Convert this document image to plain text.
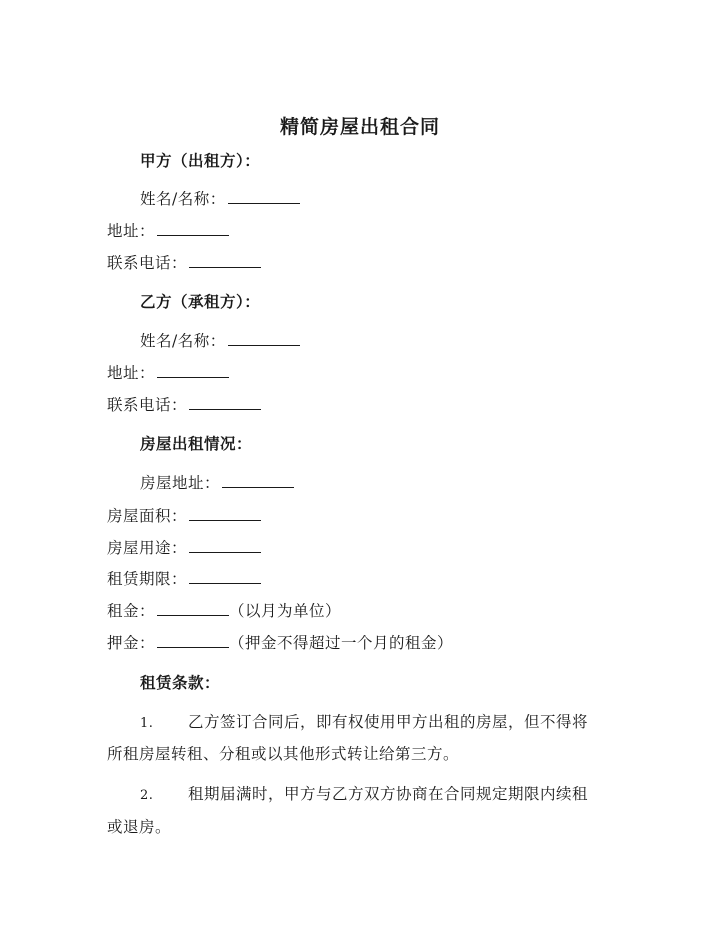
精简房屋出租合同
甲方（出租方）：
姓名/名称：
地址：
联系电话：
乙方（承租方）：
姓名/名称：
地址：
联系电话：
房屋出租情况：
房屋地址：
房屋面积：
房屋用途：
租赁期限：
租金：	（以月为单位）
押金：	（押金不得超过一个月的租金）
租赁条款：
1. 乙方签订合同后，即有权使用甲方出租的房屋，但不得将
所租房屋转租、分租或以其他形式转让给第三方。
2. 租期届满时，甲方与乙方双方协商在合同规定期限内续租
或退房。
